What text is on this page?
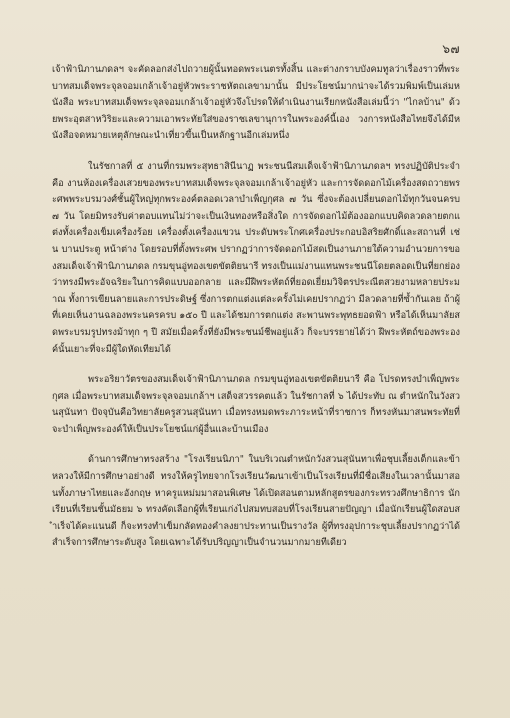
๖๗

เจ้าฟ้านิภานภดลฯ จะคัดลอกส่งไปถวายผู้นั้นทอดพระเนตรทั้งสิ้น และต่างกราบบังคมทูลว่าเรื่องราวที่พระบาทสมเด็จพระจุลจอมเกล้าเจ้าอยู่หัวพระราชหัตถเลขามานั้น มีประโยชน์มากน่าจะได้รวมพิมพ์เป็นเล่มหนังสือ พระบาทสมเด็จพระจุลจอมเกล้าเจ้าอยู่หัวจึงโปรดให้ดำเนินงานเรียกหนังสือเล่มนี้ว่า "ไกลบ้าน" ด้วยพระอุตสาหวิริยะและความเอาพระทัยใส่ของราชเลขานุการในพระองค์นี้เอง วงการหนังสือไทยจึงได้มีหนังสือจดหมายเหตุลักษณะนำเที่ยวขึ้นเป็นหลักฐานอีกเล่มหนึ่ง

ในรัชกาลที่ ๕ งานที่กรมพระสุทธาสินีนาฏ พระชนนีสมเด็จเจ้าฟ้านิภานภดลฯ ทรงปฏิบัติประจำ คือ งานห้องเครื่องเสวยของพระบาทสมเด็จพระจุลจอมเกล้าเจ้าอยู่หัว และการจัดดอกไม้เครื่องสดถวายพระศพพระบรมวงศ์ชั้นผู้ใหญ่ทุกพระองค์ตลอดเวลาบำเพ็ญกุศล ๗ วัน ซึ่งจะต้องเปลี่ยนดอกไม้ทุกวันจนครบ ๗ วัน โดยมิทรงรับค่าตอบแทนไม่ว่าจะเป็นเงินทองหรือสิ่งใด การจัดดอกไม้ต้องออกแบบคิดลวดลายตกแต่งทั้งเครื่องเข็มเครื่องร้อย เครื่องตั้งเครื่องแขวน ประดับพระโกศเครื่องประกอบอิสริยศักดิ์และสถานที่ เช่น บานประตู หน้าต่าง โดยรอบที่ตั้งพระศพ ปรากฏว่าการจัดดอกไม้สดเป็นงานภายใต้ความอำนวยการของสมเด็จเจ้าฟ้านิภานภดล กรมขุนอู่ทองเขตขัตติยนารี ทรงเป็นแม่งานแทนพระชนนีโดยตลอดเป็นที่ยกย่องว่าทรงมีพระอัจฉริยะในการคิดแบบออกลาย และมีฝีพระหัตถ์ที่ยอดเยี่ยมวิจิตรประณีตสวยงามหลายประมาณ ทั้งการเขียนลายและการประดิษฐ์ ซึ่งการตกแต่งแต่ละครั้งไม่เคยปรากฏว่า มีลวดลายที่ซ้ำกันเลย ถ้าผู้ที่เคยเห็นงานฉลองพระนครครบ ๑๕๐ ปี และได้ชมการตกแต่ง สะพานพระพุทธยอดฟ้า หรือได้เห็นมาลัยสดพระบรมรูปทรงม้าทุก ๆ ปี สมัยเมื่อครั้งที่ยังมีพระชนม์ชีพอยู่แล้ว ก็จะบรรยายได้ว่า ฝีพระหัตถ์ของพระองค์นั้นเยาะที่จะมีผู้ใดหัดเทียมได้

พระอริยาวัตรของสมเด็จเจ้าฟ้านิภานภดล กรมขุนอู่ทองเขตขัตติยนารี คือ โปรดทรงบำเพ็ญพระกุศล เมื่อพระบาทสมเด็จพระจุลจอมเกล้าฯ เสด็จสวรรคตแล้ว ในรัชกาลที่ ๖ ได้ประทับ ณ ตำหนักในวังสวนสุนันทา ปัจจุบันคือวิทยาลัยครูสวนสุนันทา เมื่อทรงหมดพระภาระหน้าที่ราชการ ก็ทรงหันมาสนพระทัยที่จะบำเพ็ญพระองค์ให้เป็นประโยชน์แก่ผู้อื่นและบ้านเมือง

ด้านการศึกษาทรงสร้าง "โรงเรียนนิภา" ในบริเวณตำหนักวังสวนสุนันทาเพื่อชุบเลี้ยงเด็กและข้าหลวงให้มีการศึกษาอย่างดี ทรงให้ครูไทยจากโรงเรียนวัฒนาเข้าเป็นโรงเรียนที่มีชื่อเสียงในเวลานั้นมาสอนทั้งภาษาไทยและอังกฤษ หาครูแหม่มมาสอนพิเศษ ได้เปิดสอนตามหลักสูตรของกระทรวงศึกษาธิการ นักเรียนที่เรียนชั้นมัธยม ๖ ทรงคัดเลือกผู้ที่เรียนเก่งไปสมทบสอบที่โรงเรียนสายปัญญา เมื่อนักเรียนผู้ใดสอบสำเร็จได้คะแนนดี ก็จะทรงทำเข็มกลัดทองคำลงยาประทานเป็นรางวัล ผู้ที่ทรงอุปการะชุบเลี้ยงปรากฏว่าได้สำเร็จการศึกษาระดับสูง โดยเฉพาะได้รับปริญญาเป็นจำนวนมากมายทีเดียว
